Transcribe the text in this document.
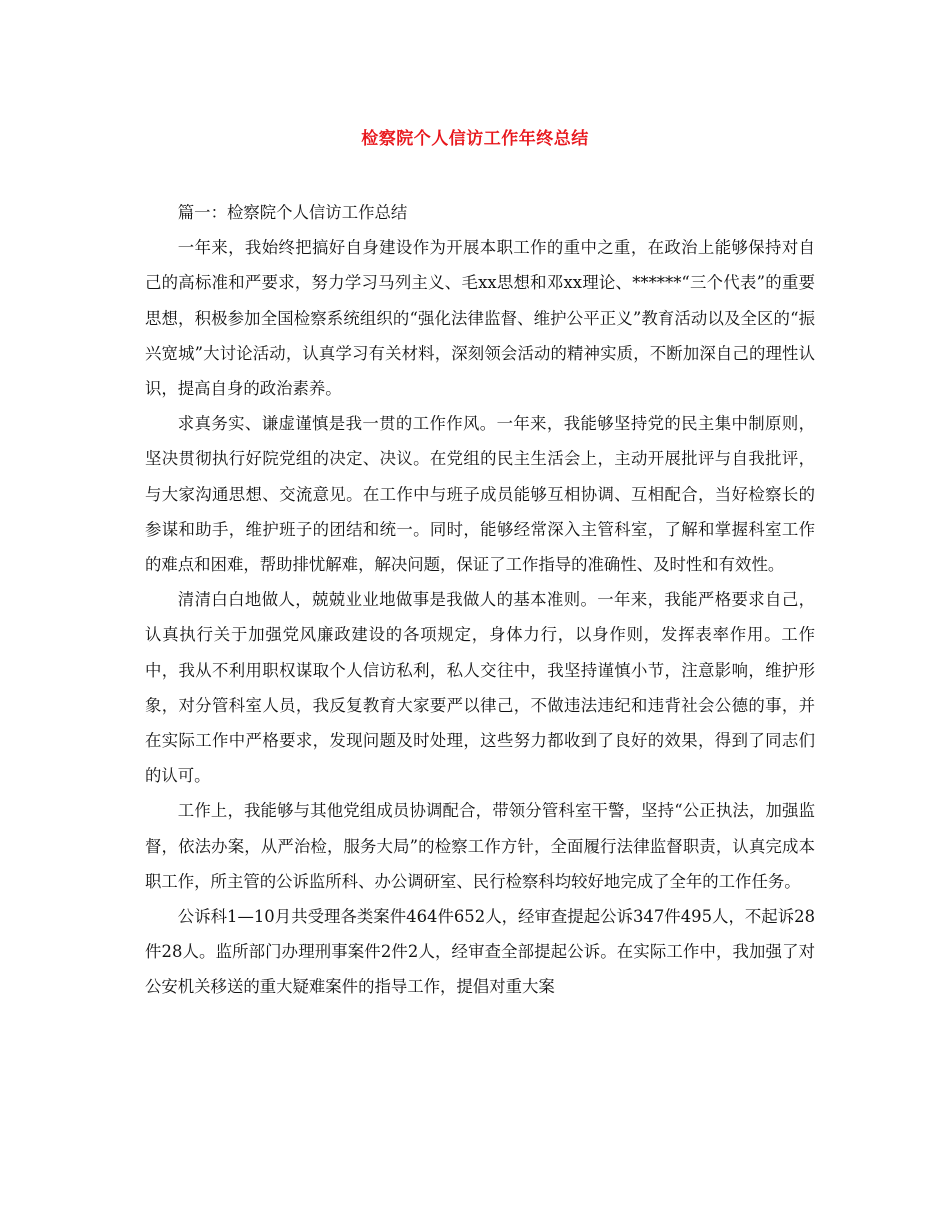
检察院个人信访工作年终总结

篇一：检察院个人信访工作总结

一年来，我始终把搞好自身建设作为开展本职工作的重中之重，在政治上能够保持对自己的高标准和严要求，努力学习马列主义、毛xx思想和邓xx理论、******“三个代表”的重要思想，积极参加全国检察系统组织的“强化法律监督、维护公平正义”教育活动以及全区的“振兴宽城”大讨论活动，认真学习有关材料，深刻领会活动的精神实质，不断加深自己的理性认识，提高自身的政治素养。

求真务实、谦虚谨慎是我一贯的工作作风。一年来，我能够坚持党的民主集中制原则，坚决贯彻执行好院党组的决定、决议。在党组的民主生活会上，主动开展批评与自我批评，与大家沟通思想、交流意见。在工作中与班子成员能够互相协调、互相配合，当好检察长的参谋和助手，维护班子的团结和统一。同时，能够经常深入主管科室，了解和掌握科室工作的难点和困难，帮助排忧解难，解决问题，保证了工作指导的准确性、及时性和有效性。

清清白白地做人，兢兢业业地做事是我做人的基本准则。一年来，我能严格要求自己，认真执行关于加强党风廉政建设的各项规定，身体力行，以身作则，发挥表率作用。工作中，我从不利用职权谋取个人信访私利，私人交往中，我坚持谨慎小节，注意影响，维护形象，对分管科室人员，我反复教育大家要严以律己，不做违法违纪和违背社会公德的事，并在实际工作中严格要求，发现问题及时处理，这些努力都收到了良好的效果，得到了同志们的认可。

工作上，我能够与其他党组成员协调配合，带领分管科室干警，坚持“公正执法，加强监督，依法办案，从严治检，服务大局”的检察工作方针，全面履行法律监督职责，认真完成本职工作，所主管的公诉监所科、办公调研室、民行检察科均较好地完成了全年的工作任务。

公诉科1—10月共受理各类案件464件652人，经审查提起公诉347件495人，不起诉28件28人。监所部门办理刑事案件2件2人，经审查全部提起公诉。在实际工作中，我加强了对公安机关移送的重大疑难案件的指导工作，提倡对重大案
